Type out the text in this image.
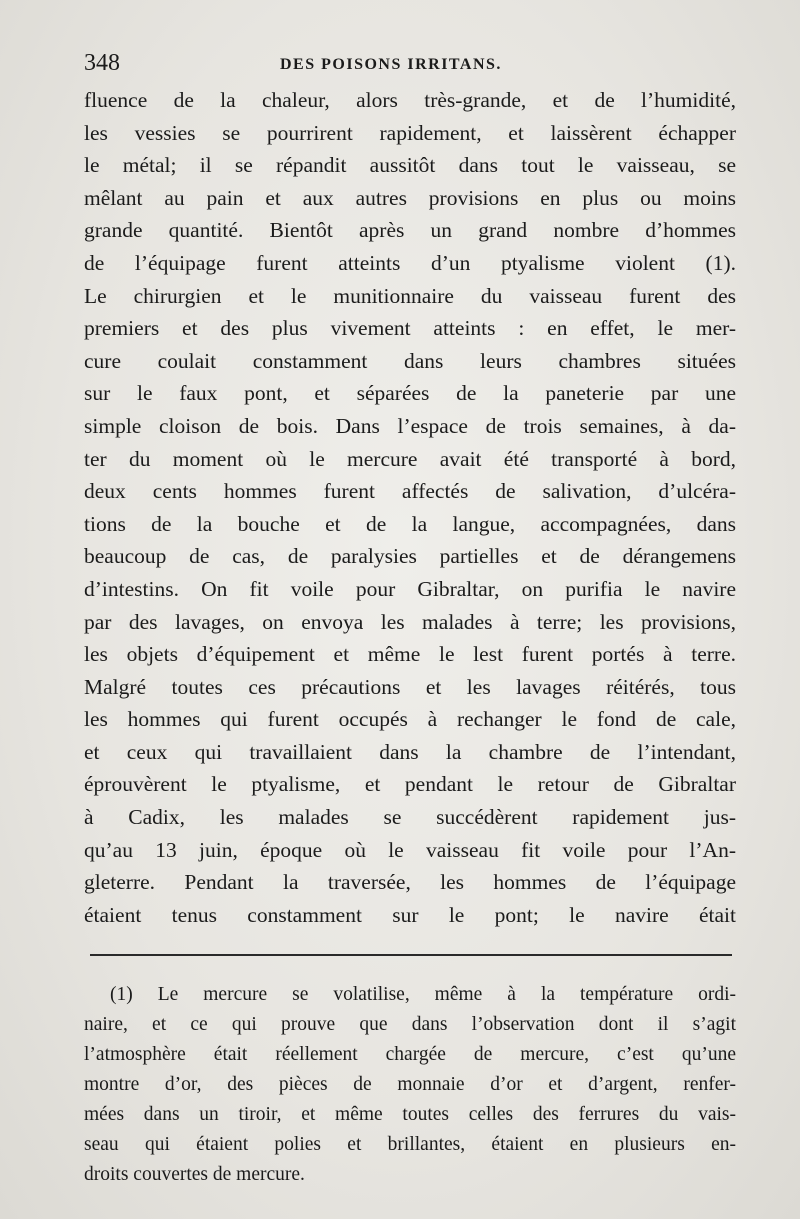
348	DES POISONS IRRITANS.
fluence de la chaleur, alors très-grande, et de l’humidité,
les vessies se pourrirent rapidement, et laissèrent échapper
le métal; il se répandit aussitôt dans tout le vaisseau, se
mêlant au pain et aux autres provisions en plus ou moins
grande quantité. Bientôt après un grand nombre d’hommes
de l’équipage furent atteints d’un ptyalisme violent (1).
Le chirurgien et le munitionnaire du vaisseau furent des
premiers et des plus vivement atteints : en effet, le mer-
cure coulait constamment dans leurs chambres situées
sur le faux pont, et séparées de la paneterie par une
simple cloison de bois. Dans l’espace de trois semaines, à da-
ter du moment où le mercure avait été transporté à bord,
deux cents hommes furent affectés de salivation, d’ulcéra-
tions de la bouche et de la langue, accompagnées, dans
beaucoup de cas, de paralysies partielles et de dérangemens
d’intestins. On fit voile pour Gibraltar, on purifia le navire
par des lavages, on envoya les malades à terre; les provisions,
les objets d’équipement et même le lest furent portés à terre.
Malgré toutes ces précautions et les lavages réitérés, tous
les hommes qui furent occupés à rechanger le fond de cale,
et ceux qui travaillaient dans la chambre de l’intendant,
éprouvèrent le ptyalisme, et pendant le retour de Gibraltar
à Cadix, les malades se succédèrent rapidement jus-
qu’au 13 juin, époque où le vaisseau fit voile pour l’An-
gleterre. Pendant la traversée, les hommes de l’équipage
étaient tenus constamment sur le pont; le navire était
(1) Le mercure se volatilise, même à la température ordi-
naire, et ce qui prouve que dans l’observation dont il s’agit
l’atmosphère était réellement chargée de mercure, c’est qu’une
montre d’or, des pièces de monnaie d’or et d’argent, renfer-
mées dans un tiroir, et même toutes celles des ferrures du vais-
seau qui étaient polies et brillantes, étaient en plusieurs en-
droits couvertes de mercure.
